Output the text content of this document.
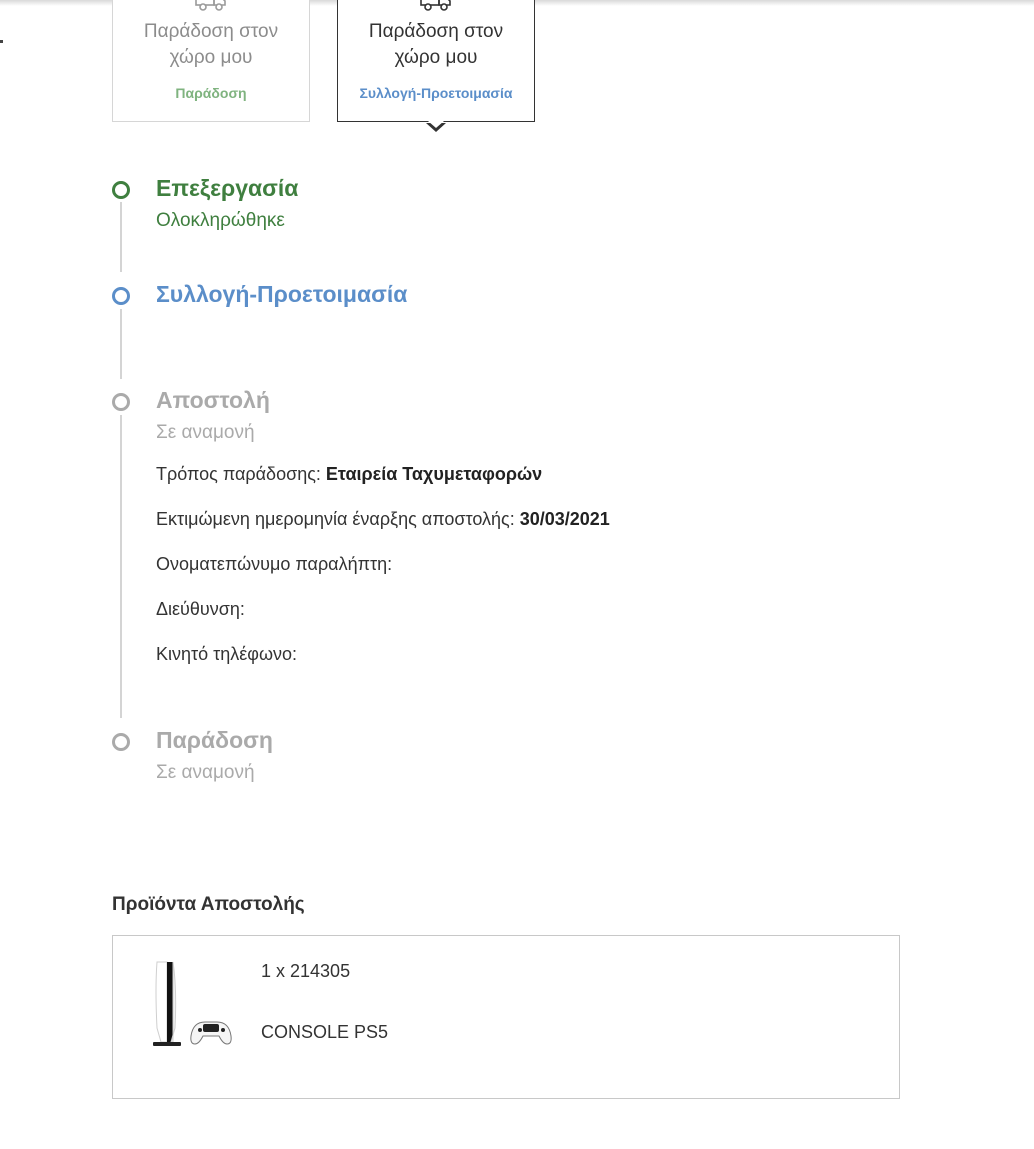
Παράδοση στον
χώρο μου
Παράδοση
Παράδοση στον
χώρο μου
Συλλογή-Προετοιμασία
Επεξεργασία
Ολοκληρώθηκε
Συλλογή-Προετοιμασία
Αποστολή
Σε αναμονή
Τρόπος παράδοσης: Εταιρεία Ταχυμεταφορών
Εκτιμώμενη ημερομηνία έναρξης αποστολής: 30/03/2021
Ονοματεπώνυμο παραλήπτη:
Διεύθυνση:
Κινητό τηλέφωνο:
Παράδοση
Σε αναμονή
Προϊόντα Αποστολής
1 x 214305
CONSOLE PS5
